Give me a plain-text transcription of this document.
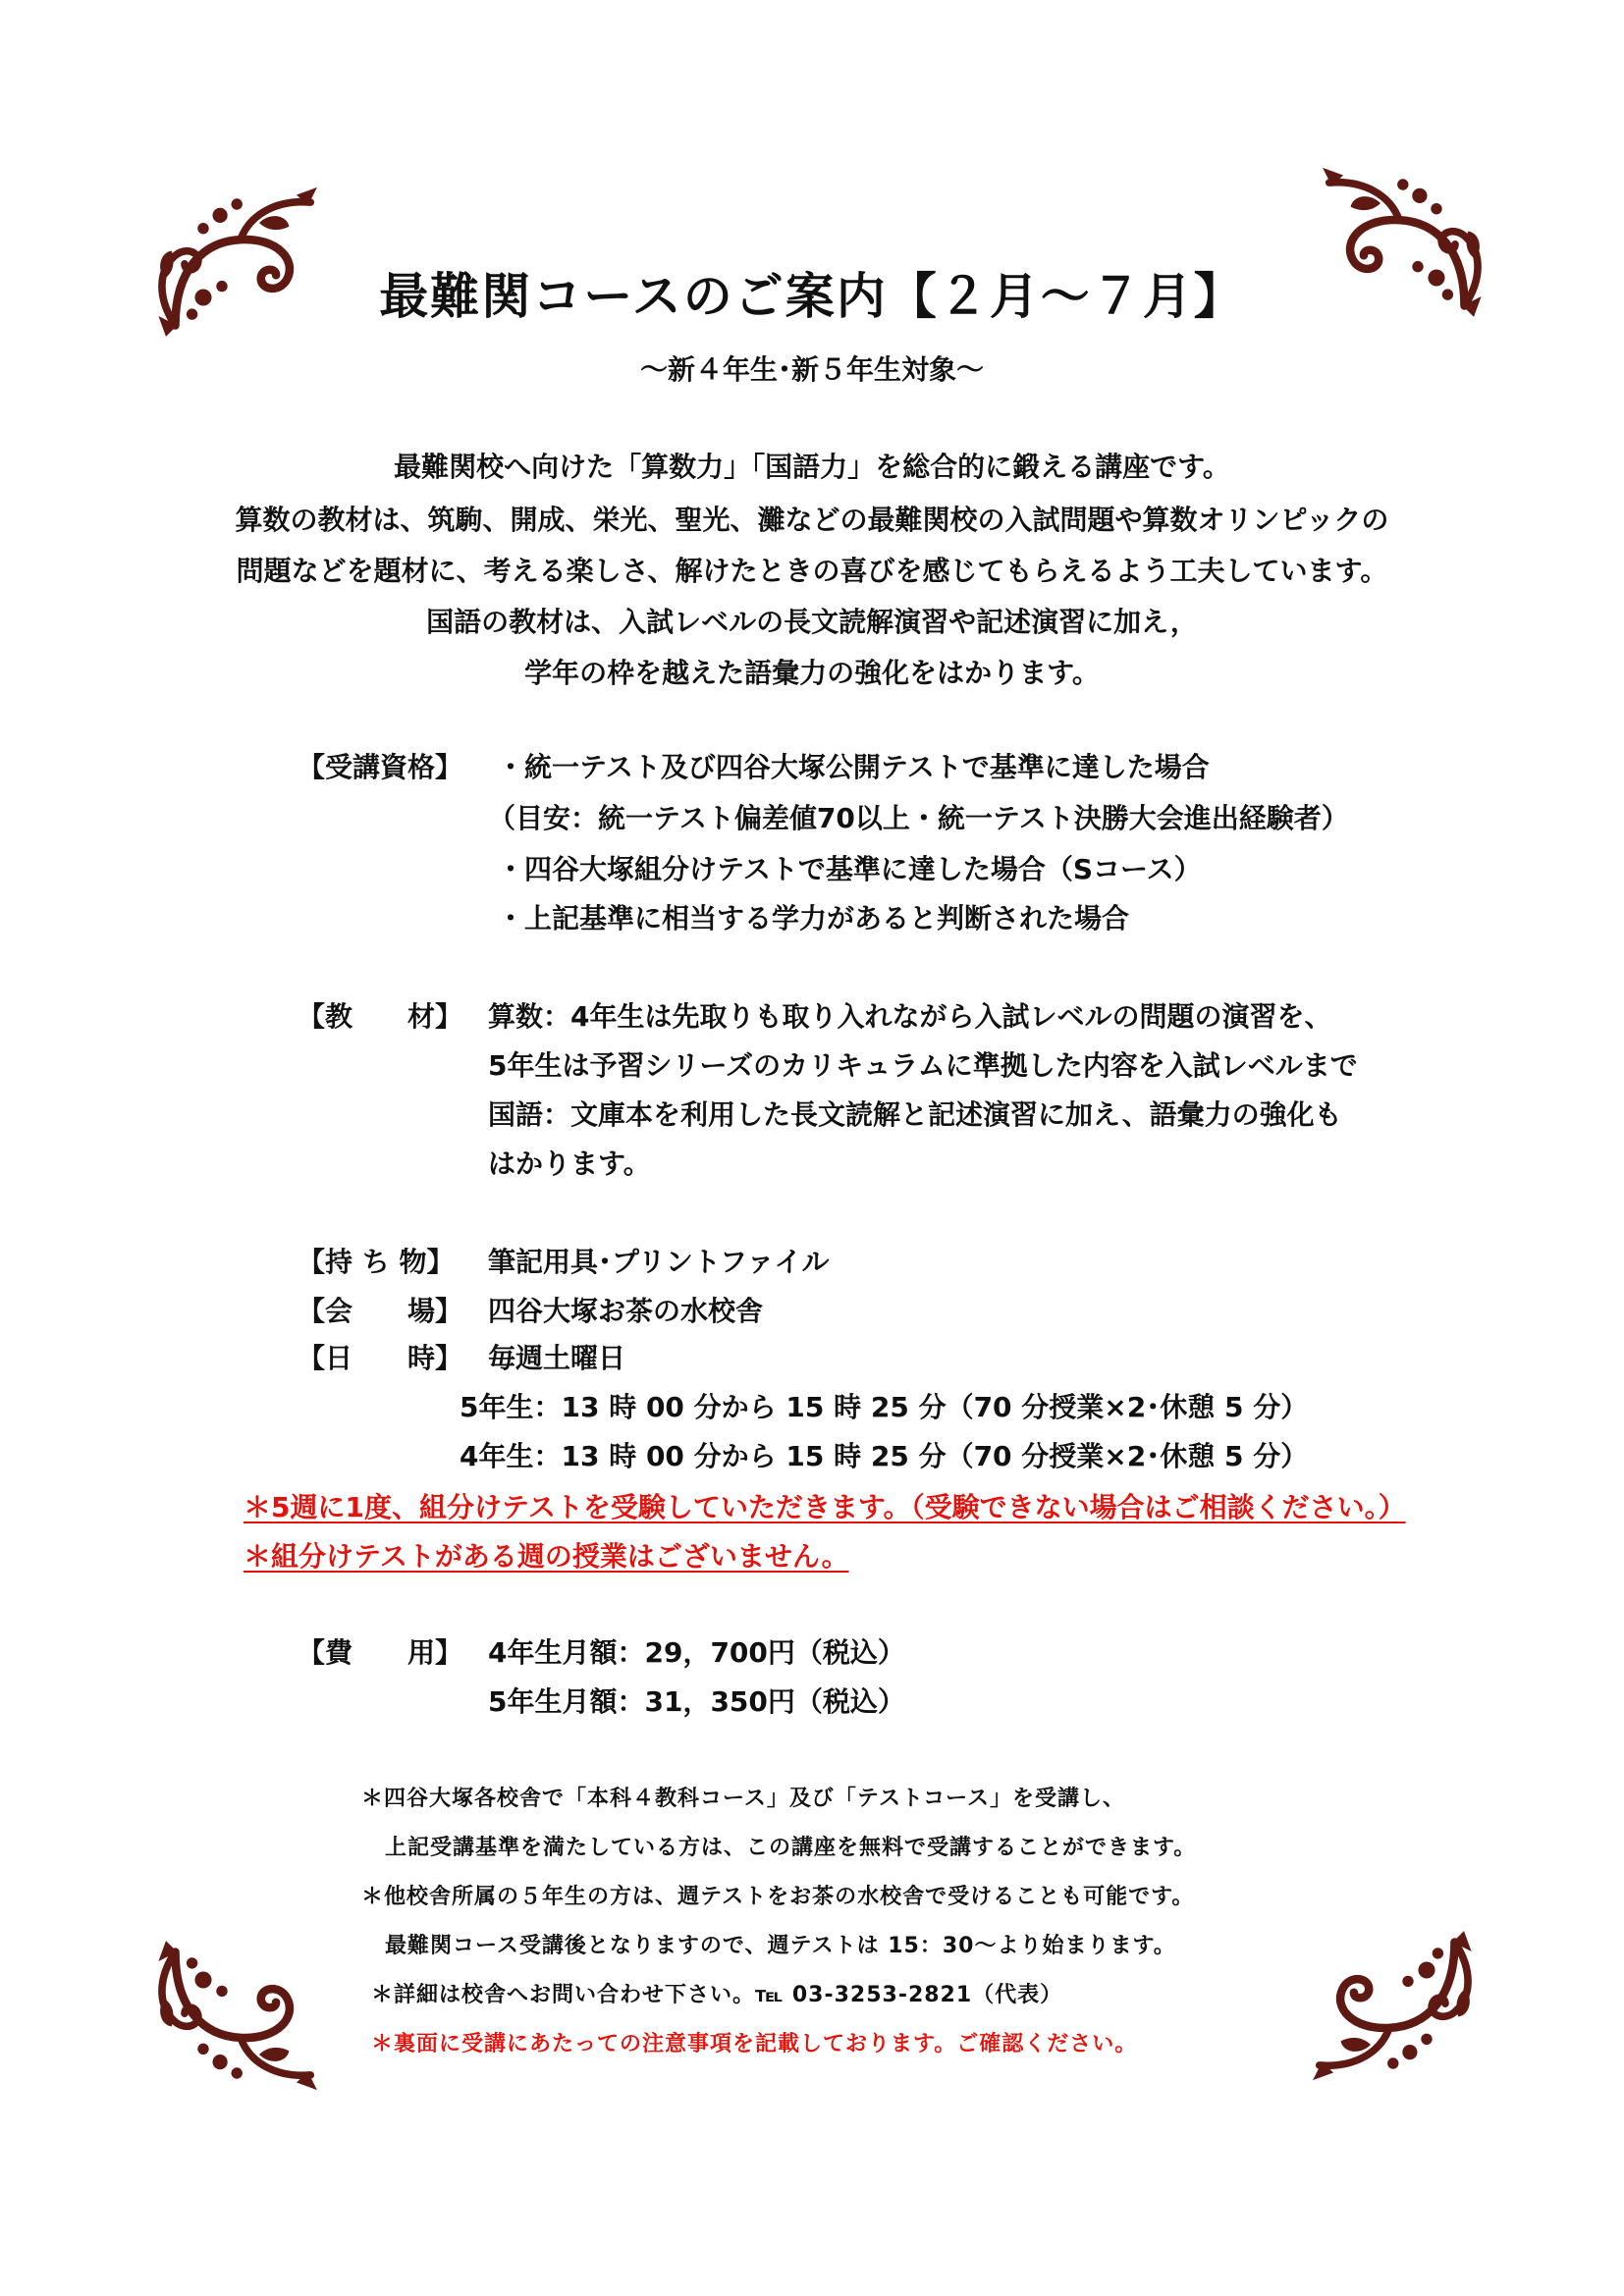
最難関コースのご案内【２月～７月】
～新４年生･新５年生対象～
最難関校へ向けた「算数力」「国語力」を総合的に鍛える講座です。
算数の教材は、筑駒、開成、栄光、聖光、灘などの最難関校の入試問題や算数オリンピックの
問題などを題材に、考える楽しさ、解けたときの喜びを感じてもらえるよう工夫しています。
国語の教材は、入試レベルの長文読解演習や記述演習に加え，
学年の枠を越えた語彙力の強化をはかります。
【受講資格】 ・統一テスト及び四谷大塚公開テストで基準に達した場合
（目安：統一テスト偏差値70以上・統一テスト決勝大会進出経験者）
・四谷大塚組分けテストで基準に達した場合（Sコース）
・上記基準に相当する学力があると判断された場合
【教　　材】 算数：4年生は先取りも取り入れながら入試レベルの問題の演習を、
5年生は予習シリーズのカリキュラムに準拠した内容を入試レベルまで
国語：文庫本を利用した長文読解と記述演習に加え、語彙力の強化も
はかります。
【持 ち 物】 筆記用具･プリントファイル
【会　　場】 四谷大塚お茶の水校舎
【日　　時】 毎週土曜日
5年生：13 時 00 分から 15 時 25 分（70 分授業×2･休憩 5 分）
4年生：13 時 00 分から 15 時 25 分（70 分授業×2･休憩 5 分）
＊5週に1度、組分けテストを受験していただきます。（受験できない場合はご相談ください。）
＊組分けテストがある週の授業はございません。
【費　　用】 4年生月額：29，700円（税込）
5年生月額：31，350円（税込）
＊四谷大塚各校舎で「本科４教科コース」及び「テストコース」を受講し、
上記受講基準を満たしている方は、この講座を無料で受講することができます。
＊他校舎所属の５年生の方は、週テストをお茶の水校舎で受けることも可能です。
最難関コース受講後となりますので、週テストは 15：30～より始まります。
＊詳細は校舎へお問い合わせ下さい。℡ 03-3253-2821（代表）
＊裏面に受講にあたっての注意事項を記載しております。ご確認ください。
